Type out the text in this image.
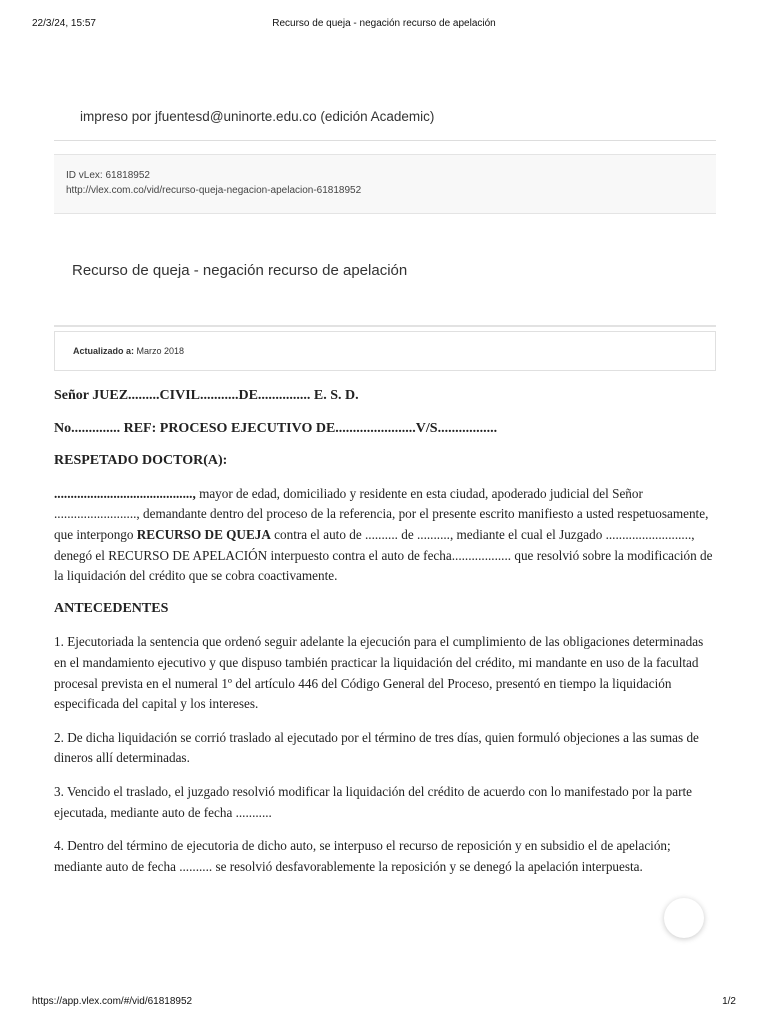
22/3/24, 15:57	Recurso de queja - negación recurso de apelación
impreso por jfuentesd@uninorte.edu.co (edición Academic)
ID vLex: 61818952
http://vlex.com.co/vid/recurso-queja-negacion-apelacion-61818952
Recurso de queja - negación recurso de apelación
Actualizado a: Marzo 2018

Señor JUEZ.........CIVIL...........DE............... E. S. D.

No.............. REF: PROCESO EJECUTIVO DE.......................V/S.................

RESPETADO DOCTOR(A):

.........................................., mayor de edad, domiciliado y residente en esta ciudad, apoderado judicial del Señor ........................., demandante dentro del proceso de la referencia, por el presente escrito manifiesto a usted respetuosamente, que interpongo RECURSO DE QUEJA contra el auto de .......... de .........., mediante el cual el Juzgado .........................., denegó el RECURSO DE APELACIÓN interpuesto contra el auto de fecha.................. que resolvió sobre la modificación de la liquidación del crédito que se cobra coactivamente.

ANTECEDENTES

1. Ejecutoriada la sentencia que ordenó seguir adelante la ejecución para el cumplimiento de las obligaciones determinadas en el mandamiento ejecutivo y que dispuso también practicar la liquidación del crédito, mi mandante en uso de la facultad procesal prevista en el numeral 1º del artículo 446 del Código General del Proceso, presentó en tiempo la liquidación especificada del capital y los intereses.

2. De dicha liquidación se corrió traslado al ejecutado por el término de tres días, quien formuló objeciones a las sumas de dineros allí determinadas.

3. Vencido el traslado, el juzgado resolvió modificar la liquidación del crédito de acuerdo con lo manifestado por la parte ejecutada, mediante auto de fecha ...........

4. Dentro del término de ejecutoria de dicho auto, se interpuso el recurso de reposición y en subsidio el de apelación; mediante auto de fecha .......... se resolvió desfavorablemente la reposición y se denegó la apelación interpuesta.

https://app.vlex.com/#/vid/61818952	1/2
